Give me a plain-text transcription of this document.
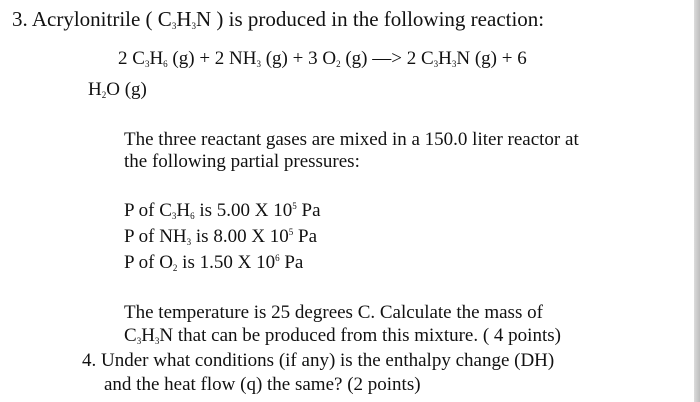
3. Acrylonitrile ( $C_3H_3N$ ) is produced in the following reaction:
2 $C_3H_6$ (g) + 2 $NH_3$ (g) + 3 $O_2$ (g) —> 2 $C_3H_3N$ (g) + 6
$H_2O$ (g)
The three reactant gases are mixed in a 150.0 liter reactor at
the following partial pressures:
P of $C_3H_6$ is 5.00 X $10^5$ Pa
P of $NH_3$ is 8.00 X $10^5$ Pa
P of $O_2$ is 1.50 X $10^6$ Pa
The temperature is 25 degrees C. Calculate the mass of
$C_3H_3N$ that can be produced from this mixture. ( 4 points)
4. Under what conditions (if any) is the enthalpy change (DH)
and the heat flow (q) the same? (2 points)
